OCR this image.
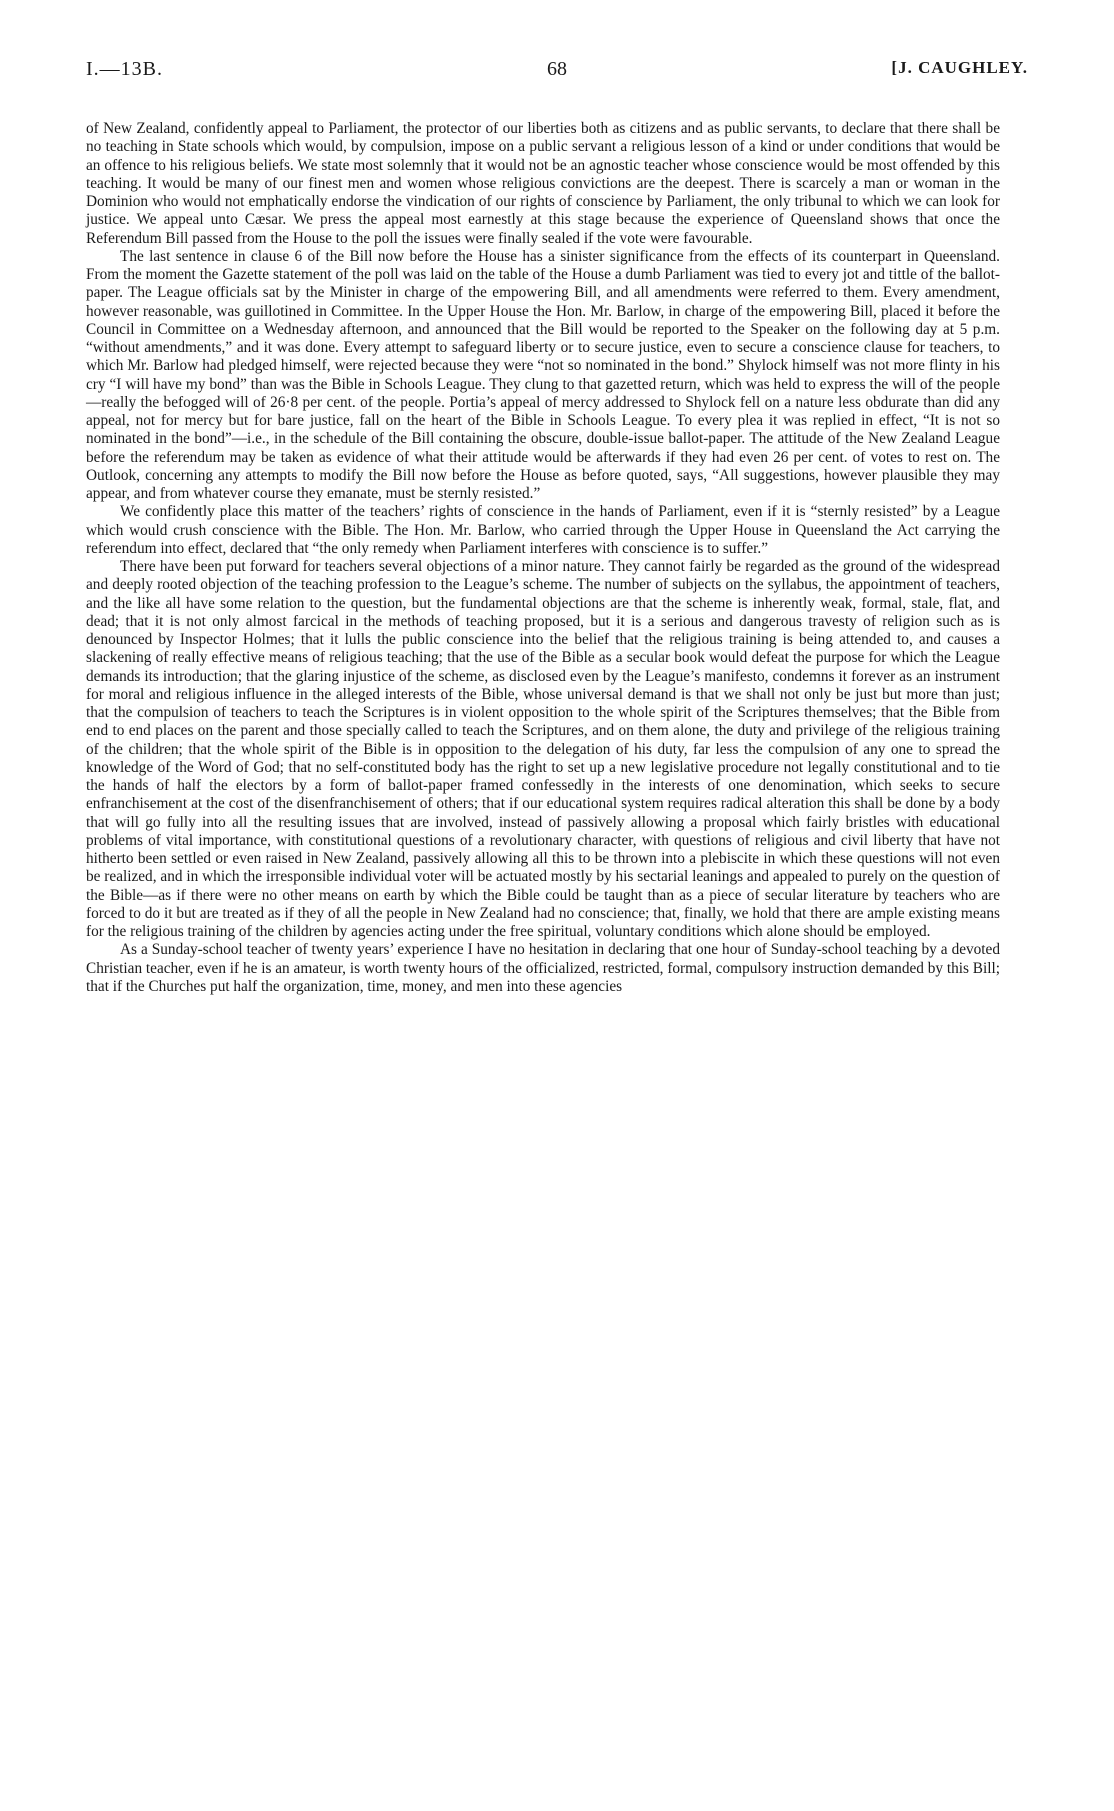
I.—13B.	68	[J. CAUGHLEY.

of New Zealand, confidently appeal to Parliament, the protector of our liberties both as citizens and as public servants, to declare that there shall be no teaching in State schools which would, by compulsion, impose on a public servant a religious lesson of a kind or under conditions that would be an offence to his religious beliefs. We state most solemnly that it would not be an agnostic teacher whose conscience would be most offended by this teaching. It would be many of our finest men and women whose religious convictions are the deepest. There is scarcely a man or woman in the Dominion who would not emphatically endorse the vindication of our rights of conscience by Parliament, the only tribunal to which we can look for justice. We appeal unto Cæsar. We press the appeal most earnestly at this stage because the experience of Queensland shows that once the Referendum Bill passed from the House to the poll the issues were finally sealed if the vote were favourable.

The last sentence in clause 6 of the Bill now before the House has a sinister significance from the effects of its counterpart in Queensland. From the moment the Gazette statement of the poll was laid on the table of the House a dumb Parliament was tied to every jot and tittle of the ballot-paper. The League officials sat by the Minister in charge of the empowering Bill, and all amendments were referred to them. Every amendment, however reasonable, was guillotined in Committee. In the Upper House the Hon. Mr. Barlow, in charge of the empowering Bill, placed it before the Council in Committee on a Wednesday afternoon, and announced that the Bill would be reported to the Speaker on the following day at 5 p.m. “without amendments,” and it was done. Every attempt to safeguard liberty or to secure justice, even to secure a conscience clause for teachers, to which Mr. Barlow had pledged himself, were rejected because they were “not so nominated in the bond.” Shylock himself was not more flinty in his cry “I will have my bond” than was the Bible in Schools League. They clung to that gazetted return, which was held to express the will of the people—really the befogged will of 26·8 per cent. of the people. Portia’s appeal of mercy addressed to Shylock fell on a nature less obdurate than did any appeal, not for mercy but for bare justice, fall on the heart of the Bible in Schools League. To every plea it was replied in effect, “It is not so nominated in the bond”—i.e., in the schedule of the Bill containing the obscure, double-issue ballot-paper. The attitude of the New Zealand League before the referendum may be taken as evidence of what their attitude would be afterwards if they had even 26 per cent. of votes to rest on. The Outlook, concerning any attempts to modify the Bill now before the House as before quoted, says, “All suggestions, however plausible they may appear, and from whatever course they emanate, must be sternly resisted.”

We confidently place this matter of the teachers’ rights of conscience in the hands of Parliament, even if it is “sternly resisted” by a League which would crush conscience with the Bible. The Hon. Mr. Barlow, who carried through the Upper House in Queensland the Act carrying the referendum into effect, declared that “the only remedy when Parliament interferes with conscience is to suffer.”

There have been put forward for teachers several objections of a minor nature. They cannot fairly be regarded as the ground of the widespread and deeply rooted objection of the teaching profession to the League’s scheme. The number of subjects on the syllabus, the appointment of teachers, and the like all have some relation to the question, but the fundamental objections are that the scheme is inherently weak, formal, stale, flat, and dead; that it is not only almost farcical in the methods of teaching proposed, but it is a serious and dangerous travesty of religion such as is denounced by Inspector Holmes; that it lulls the public conscience into the belief that the religious training is being attended to, and causes a slackening of really effective means of religious teaching; that the use of the Bible as a secular book would defeat the purpose for which the League demands its introduction; that the glaring injustice of the scheme, as disclosed even by the League’s manifesto, condemns it forever as an instrument for moral and religious influence in the alleged interests of the Bible, whose universal demand is that we shall not only be just but more than just; that the compulsion of teachers to teach the Scriptures is in violent opposition to the whole spirit of the Scriptures themselves; that the Bible from end to end places on the parent and those specially called to teach the Scriptures, and on them alone, the duty and privilege of the religious training of the children; that the whole spirit of the Bible is in opposition to the delegation of his duty, far less the compulsion of any one to spread the knowledge of the Word of God; that no self-constituted body has the right to set up a new legislative procedure not legally constitutional and to tie the hands of half the electors by a form of ballot-paper framed confessedly in the interests of one denomination, which seeks to secure enfranchisement at the cost of the disenfranchisement of others; that if our educational system requires radical alteration this shall be done by a body that will go fully into all the resulting issues that are involved, instead of passively allowing a proposal which fairly bristles with educational problems of vital importance, with constitutional questions of a revolutionary character, with questions of religious and civil liberty that have not hitherto been settled or even raised in New Zealand, passively allowing all this to be thrown into a plebiscite in which these questions will not even be realized, and in which the irresponsible individual voter will be actuated mostly by his sectarial leanings and appealed to purely on the question of the Bible—as if there were no other means on earth by which the Bible could be taught than as a piece of secular literature by teachers who are forced to do it but are treated as if they of all the people in New Zealand had no conscience; that, finally, we hold that there are ample existing means for the religious training of the children by agencies acting under the free spiritual, voluntary conditions which alone should be employed.

As a Sunday-school teacher of twenty years’ experience I have no hesitation in declaring that one hour of Sunday-school teaching by a devoted Christian teacher, even if he is an amateur, is worth twenty hours of the officialized, restricted, formal, compulsory instruction demanded by this Bill; that if the Churches put half the organization, time, money, and men into these agencies
